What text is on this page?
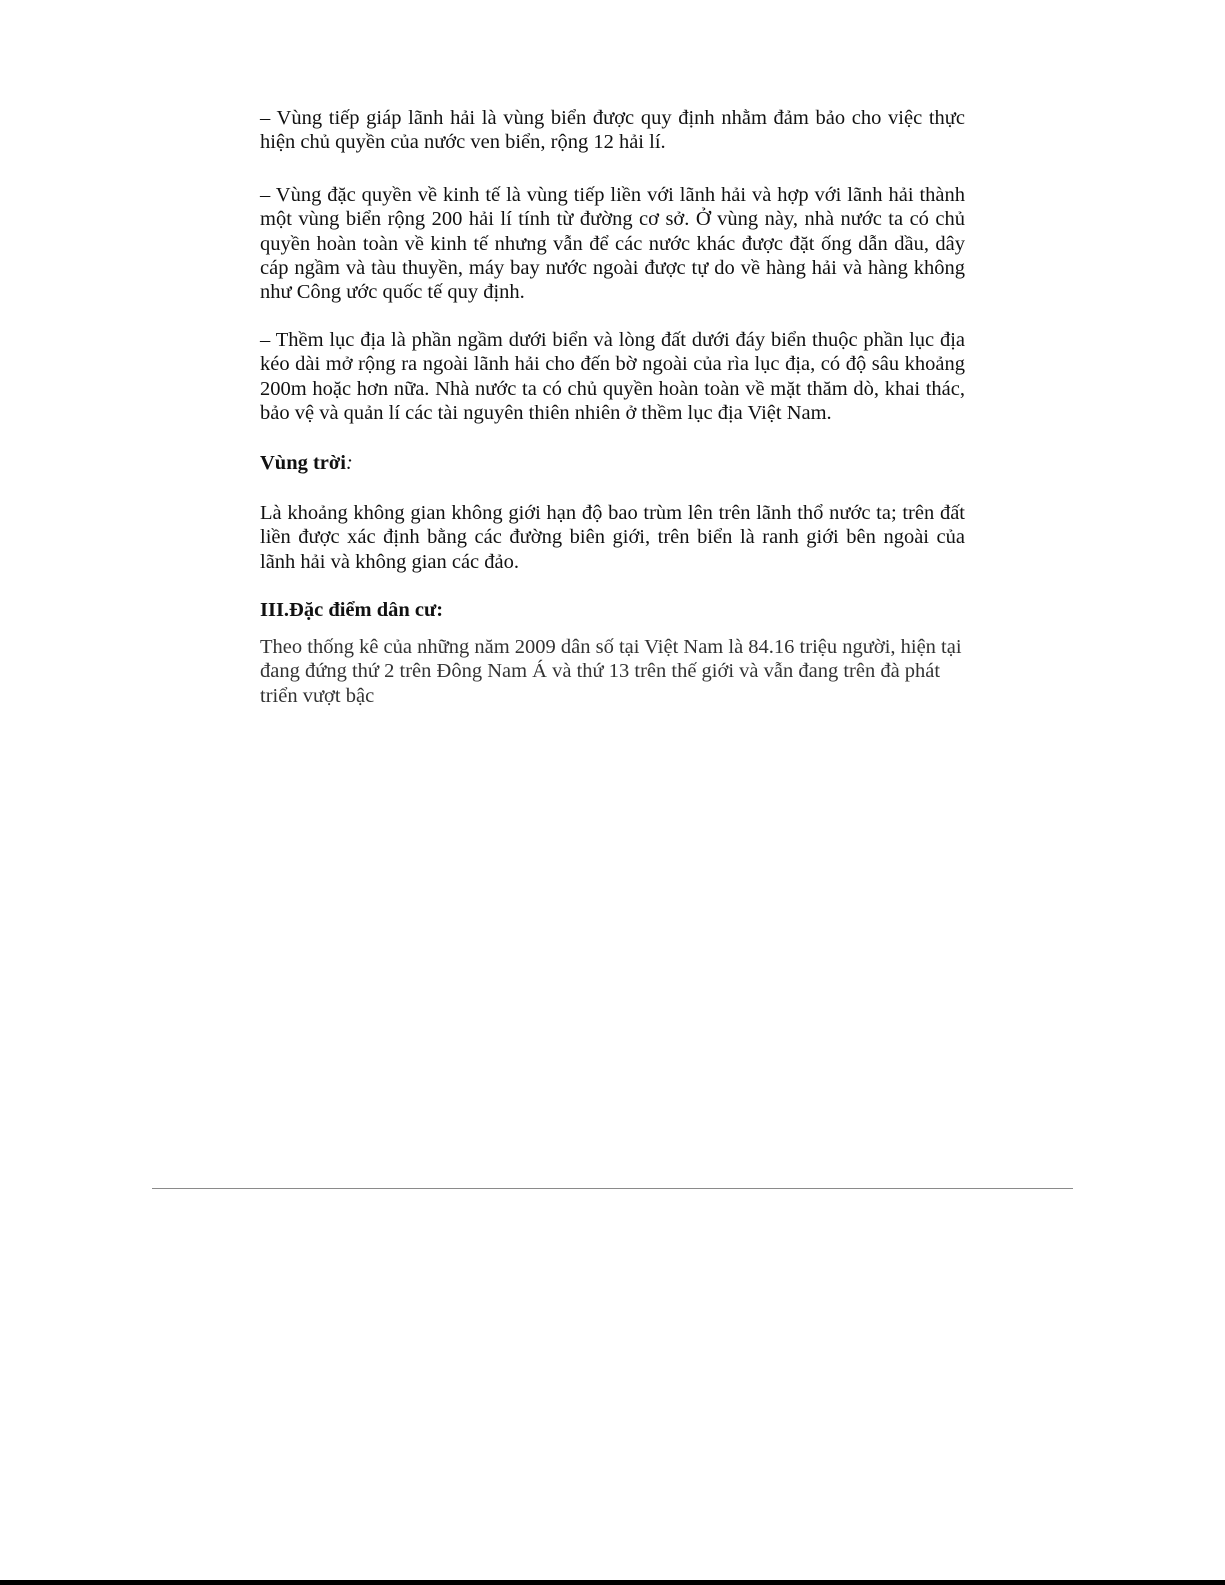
– Vùng tiếp giáp lãnh hải là vùng biển được quy định nhằm đảm bảo cho việc thực hiện chủ quyền của nước ven biển, rộng 12 hải lí.

– Vùng đặc quyền về kinh tế là vùng tiếp liền với lãnh hải và hợp với lãnh hải thành một vùng biển rộng 200 hải lí tính từ đường cơ sở. Ở vùng này, nhà nước ta có chủ quyền hoàn toàn về kinh tế nhưng vẫn để các nước khác được đặt ống dẫn dầu, dây cáp ngầm và tàu thuyền, máy bay nước ngoài được tự do về hàng hải và hàng không như Công ước quốc tế quy định.

– Thềm lục địa là phần ngầm dưới biển và lòng đất dưới đáy biển thuộc phần lục địa kéo dài mở rộng ra ngoài lãnh hải cho đến bờ ngoài của rìa lục địa, có độ sâu khoảng 200m hoặc hơn nữa. Nhà nước ta có chủ quyền hoàn toàn về mặt thăm dò, khai thác, bảo vệ và quản lí các tài nguyên thiên nhiên ở thềm lục địa Việt Nam.

Vùng trời:

Là khoảng không gian không giới hạn độ bao trùm lên trên lãnh thổ nước ta; trên đất liền được xác định bằng các đường biên giới, trên biển là ranh giới bên ngoài của lãnh hải và không gian các đảo.

III.Đặc điểm dân cư:

Theo thống kê của những năm 2009 dân số tại Việt Nam là 84.16 triệu người, hiện tại đang đứng thứ 2 trên Đông Nam Á và thứ 13 trên thế giới và vẫn đang trên đà phát triển vượt bậc
